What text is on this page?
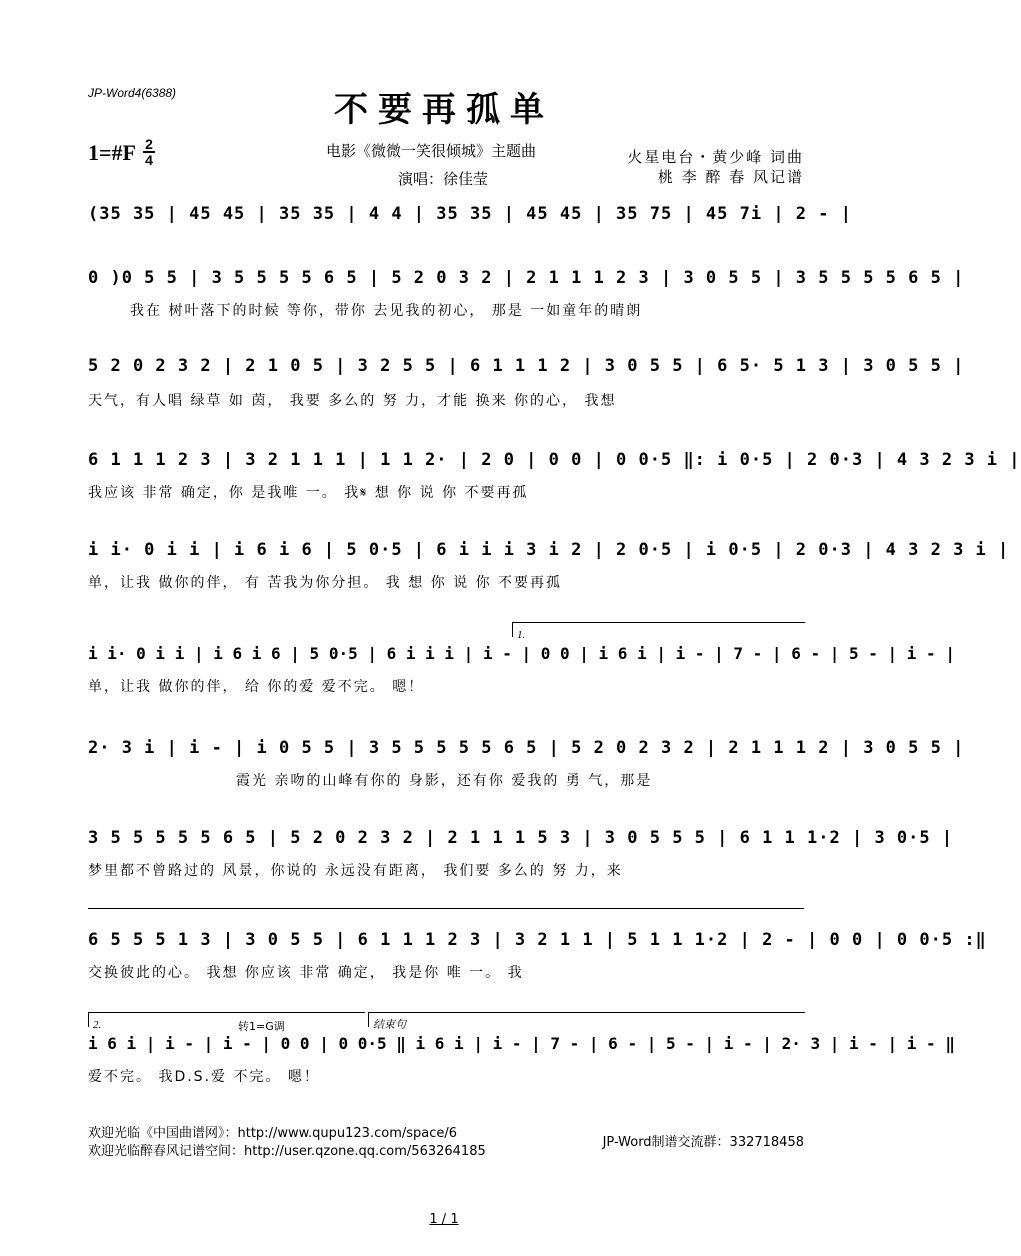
JP-Word4(6388)	不要再孤单
1=#F 2
4	电影《微微一笑很倾城》主题曲
演唱：徐佳莹
火星电台・黄少峰 词曲
桃 李 醉 春 风记谱
(35 35 | 45 45 | 35 35 | 4 4 | 35 35 | 45 45 | 35 75 | 45 7i | 2 - |
0 )0 5 5 | 3 5 5 5 5 6 5 | 5 2 0 3 2 | 2 1 1 1 2 3 | 3 0 5 5 | 3 5 5 5 5 6 5 |
我在 树叶落下的时候 等你，带你 去见我的初心， 那是 一如童年的晴朗
5 2 0 2 3 2 | 2 1 0 5 | 3 2 5 5 | 6 1 1 1 2 | 3 0 5 5 | 6 5· 5 1 3 | 3 0 5 5 |
天气，有人唱 绿草 如 茵， 我要 多么的 努 力，才能 换来 你的心， 我想
6 1 1 1 2 3 | 3 2 1 1 1 | 1 1 2· | 2 0 | 0 0 | 0 0·5 ‖: i 0·5 | 2 0·3 | 4 3 2 3 i |
我应该 非常 确定，你 是我唯 一。 我𝄋 想 你 说 你 不要再孤
i i· 0 i i | i 6 i 6 | 5 0·5 | 6 i i i 3 i 2 | 2 0·5 | i 0·5 | 2 0·3 | 4 3 2 3 i |
单，让我 做你的伴， 有 苦我为你分担。 我 想 你 说 你 不要再孤
1.
i i· 0 i i | i 6 i 6 | 5 0·5 | 6 i i i | i - | 0 0 | i 6 i | i - | 7 - | 6 - | 5 - | i - |
单，让我 做你的伴， 给 你的爱 爱不完。 嗯！
2· 3 i | i - | i 0 5 5 | 3 5 5 5 5 5 6 5 | 5 2 0 2 3 2 | 2 1 1 1 2 | 3 0 5 5 |
霞光 亲吻的山峰有你的 身影，还有你 爱我的 勇 气，那是
3 5 5 5 5 5 6 5 | 5 2 0 2 3 2 | 2 1 1 1 5 3 | 3 0 5 5 5 | 6 1 1 1·2 | 3 0·5 |
梦里都不曾路过的 风景，你说的 永远没有距离， 我们要 多么的 努 力，来
6 5 5 5 1 3 | 3 0 5 5 | 6 1 1 1 2 3 | 3 2 1 1 | 5 1 1 1·2 | 2 - | 0 0 | 0 0·5 :‖
交换彼此的心。 我想 你应该 非常 确定， 我是你 唯 一。 我
2.	转1=G调	结束句
i 6 i | i - | i - | 0 0 | 0 0·5 ‖ i 6 i | i - | 7 - | 6 - | 5 - | i - | 2· 3 | i - | i - ‖
爱不完。 我D.S.爱 不完。 嗯！
欢迎光临《中国曲谱网》：http://www.qupu123.com/space/6
欢迎光临醉春风记谱空间：http://user.qzone.qq.com/563264185
JP-Word制谱交流群：332718458
1 / 1
